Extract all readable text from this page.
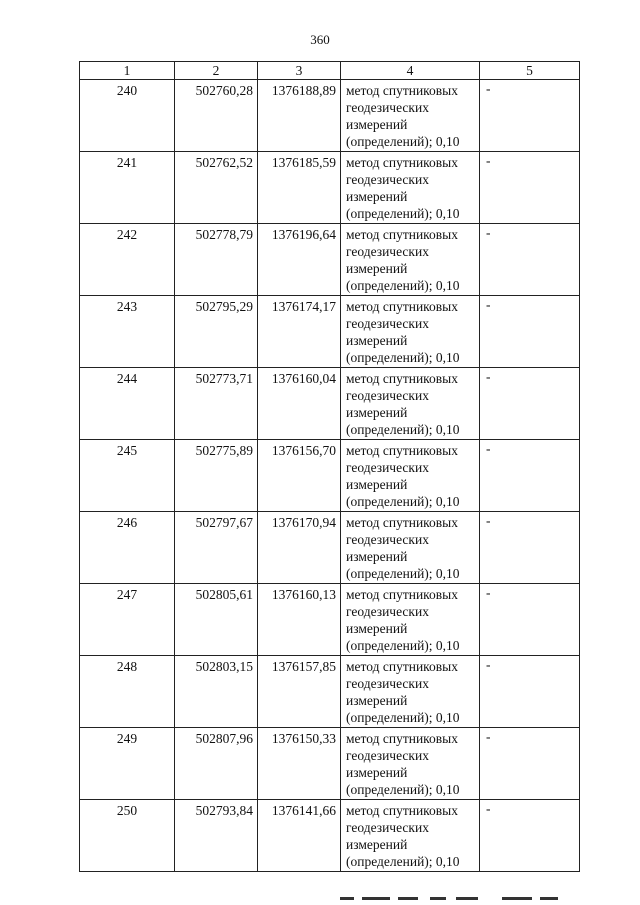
360
1	2	3	4	5
240	502760,28	1376188,89	метод спутниковых геодезических измерений (определений); 0,10	-
241	502762,52	1376185,59	метод спутниковых геодезических измерений (определений); 0,10	-
242	502778,79	1376196,64	метод спутниковых геодезических измерений (определений); 0,10	-
243	502795,29	1376174,17	метод спутниковых геодезических измерений (определений); 0,10	-
244	502773,71	1376160,04	метод спутниковых геодезических измерений (определений); 0,10	-
245	502775,89	1376156,70	метод спутниковых геодезических измерений (определений); 0,10	-
246	502797,67	1376170,94	метод спутниковых геодезических измерений (определений); 0,10	-
247	502805,61	1376160,13	метод спутниковых геодезических измерений (определений); 0,10	-
248	502803,15	1376157,85	метод спутниковых геодезических измерений (определений); 0,10	-
249	502807,96	1376150,33	метод спутниковых геодезических измерений (определений); 0,10	-
250	502793,84	1376141,66	метод спутниковых геодезических измерений (определений); 0,10	-
